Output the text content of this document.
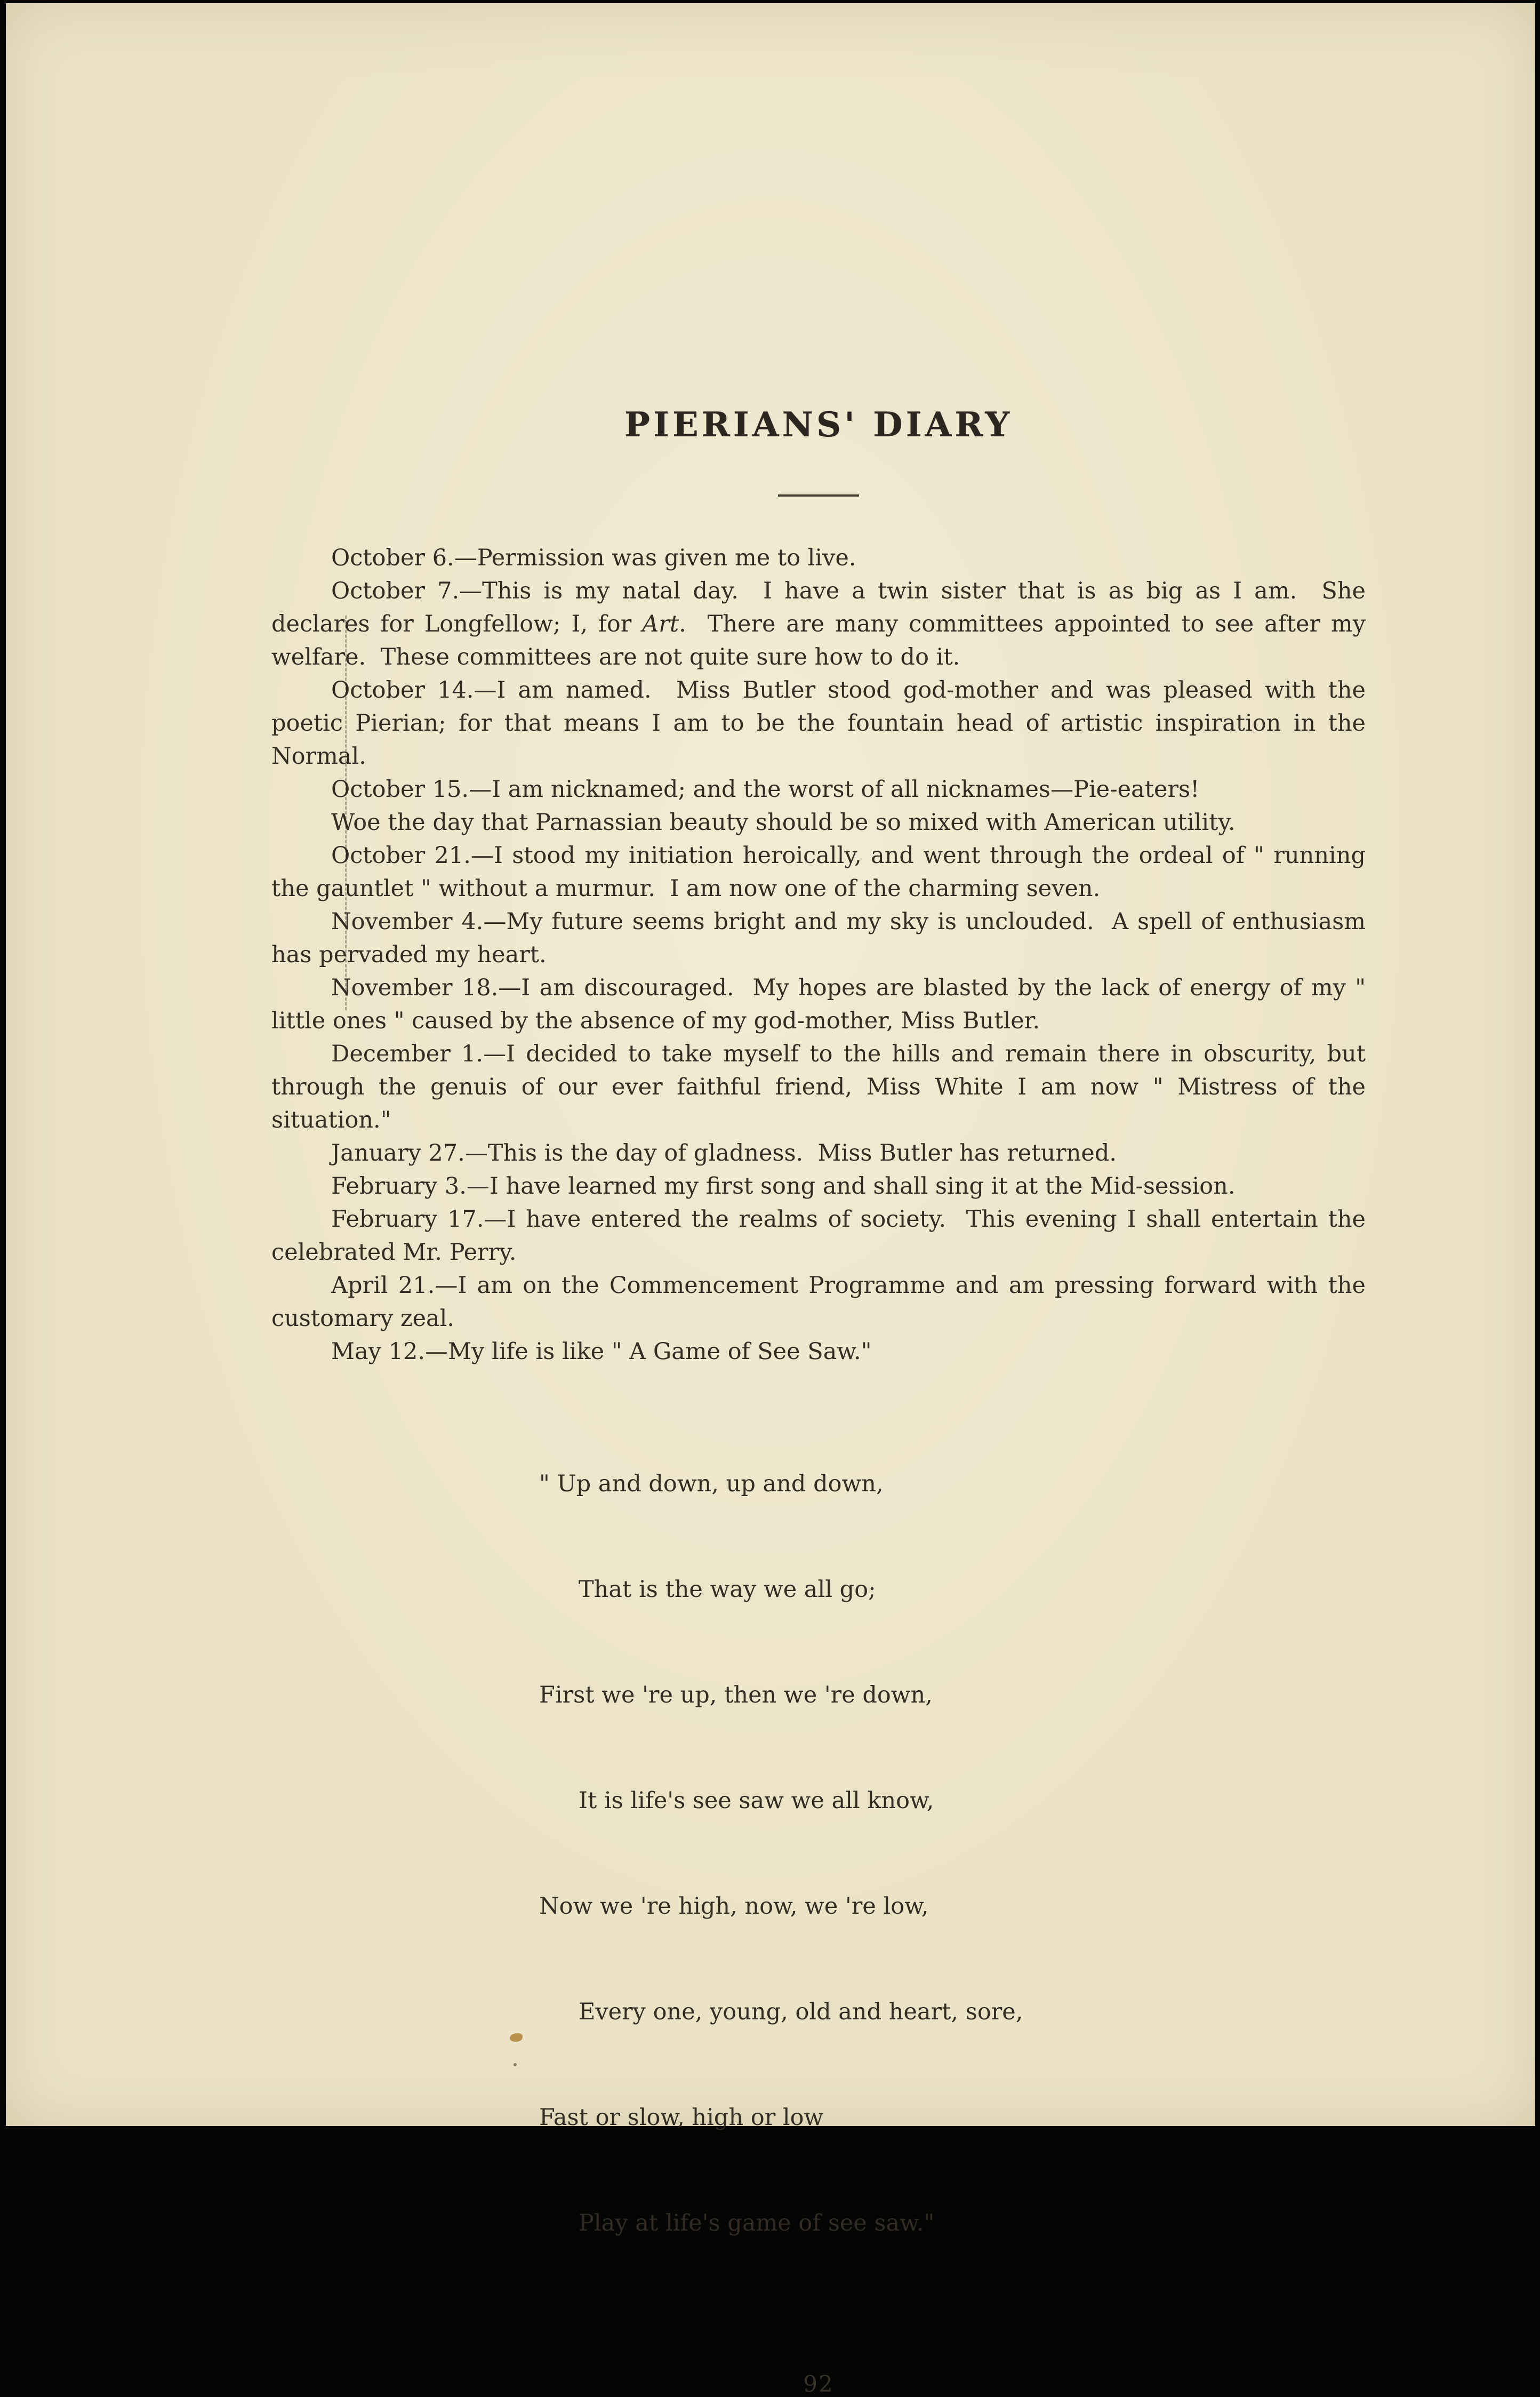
PIERIANS' DIARY

October 6.—Permission was given me to live.

October 7.—This is my natal day.  I have a twin sister that is as big as I am.  She declares for Longfellow; I, for Art.  There are many committees appointed to see after my welfare.  These committees are not quite sure how to do it.

October 14.—I am named.  Miss Butler stood god-mother and was pleased with the poetic Pierian; for that means I am to be the fountain head of artistic inspiration in the Normal.

October 15.—I am nicknamed; and the worst of all nicknames—Pie-eaters!

Woe the day that Parnassian beauty should be so mixed with American utility.

October 21.—I stood my initiation heroically, and went through the ordeal of " running the gauntlet " without a murmur.  I am now one of the charming seven.

November 4.—My future seems bright and my sky is unclouded.  A spell of enthusiasm has pervaded my heart.

November 18.—I am discouraged.  My hopes are blasted by the lack of energy of my " little ones " caused by the absence of my god-mother, Miss Butler.

December 1.—I decided to take myself to the hills and remain there in obscurity, but through the genuis of our ever faithful friend, Miss White I am now " Mistress of the situation."

January 27.—This is the day of gladness.  Miss Butler has returned.

February 3.—I have learned my first song and shall sing it at the Mid-session.

February 17.—I have entered the realms of society.  This evening I shall entertain the celebrated Mr. Perry.

April 21.—I am on the Commencement Programme and am pressing forward with the customary zeal.

May 12.—My life is like " A Game of See Saw."

" Up and down, up and down,

That is the way we all go;

First we 're up, then we 're down,

It is life's see saw we all know,

Now we 're high, now, we 're low,

Every one, young, old and heart, sore,

Fast or slow, high or low

Play at life's game of see saw."

92
